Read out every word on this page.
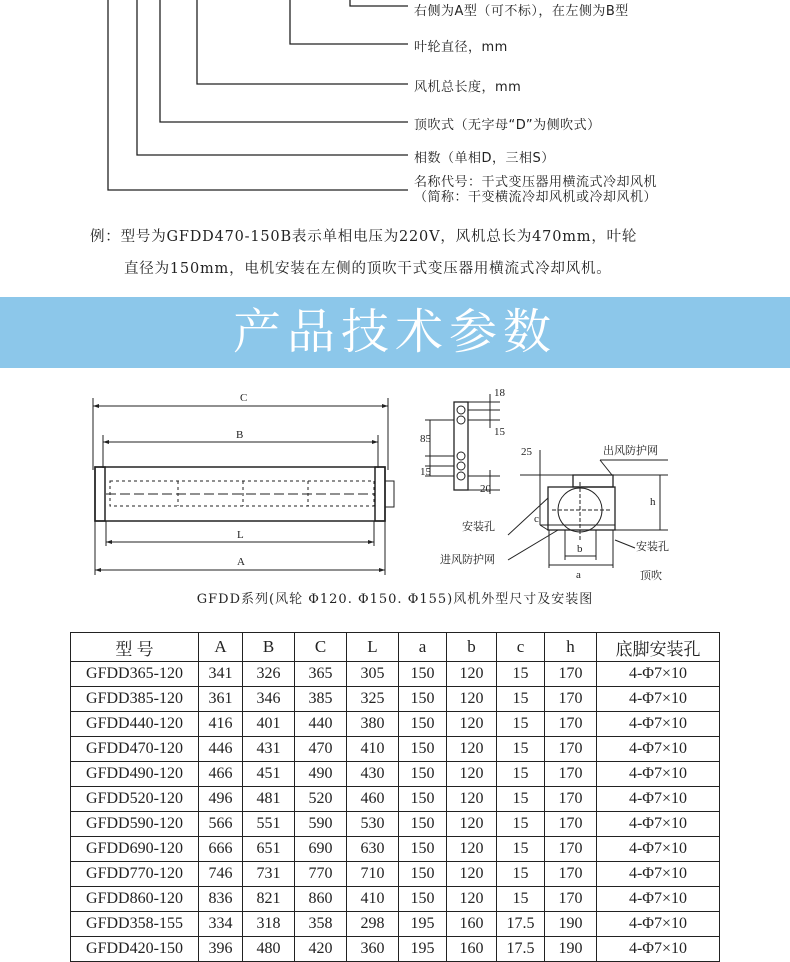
右侧为A型（可不标），在左侧为B型
叶轮直径，mm
风机总长度，mm
顶吹式（无字母“D”为侧吹式）
相数（单相D，三相S）
名称代号：干式变压器用横流式冷却风机
（简称：干变横流冷却风机或冷却风机）
例：型号为GFDD470-150B表示单相电压为220V，风机总长为470mm，叶轮
直径为150mm，电机安装在左侧的顶吹干式变压器用横流式冷却风机。
产品技术参数
C
B
L
A
18
15
85
15
20
25
h
b
a
c
出风防护网
安装孔
进风防护网
安装孔
顶吹
GFDD系列(风轮 Φ120. Φ150. Φ155)风机外型尺寸及安装图
型 号	A	B	C	L	a	b	c	h	底脚安装孔
GFDD365-120	341	326	365	305	150	120	15	170	4-Φ7×10
GFDD385-120	361	346	385	325	150	120	15	170	4-Φ7×10
GFDD440-120	416	401	440	380	150	120	15	170	4-Φ7×10
GFDD470-120	446	431	470	410	150	120	15	170	4-Φ7×10
GFDD490-120	466	451	490	430	150	120	15	170	4-Φ7×10
GFDD520-120	496	481	520	460	150	120	15	170	4-Φ7×10
GFDD590-120	566	551	590	530	150	120	15	170	4-Φ7×10
GFDD690-120	666	651	690	630	150	120	15	170	4-Φ7×10
GFDD770-120	746	731	770	710	150	120	15	170	4-Φ7×10
GFDD860-120	836	821	860	410	150	120	15	170	4-Φ7×10
GFDD358-155	334	318	358	298	195	160	17.5	190	4-Φ7×10
GFDD420-150	396	480	420	360	195	160	17.5	190	4-Φ7×10
